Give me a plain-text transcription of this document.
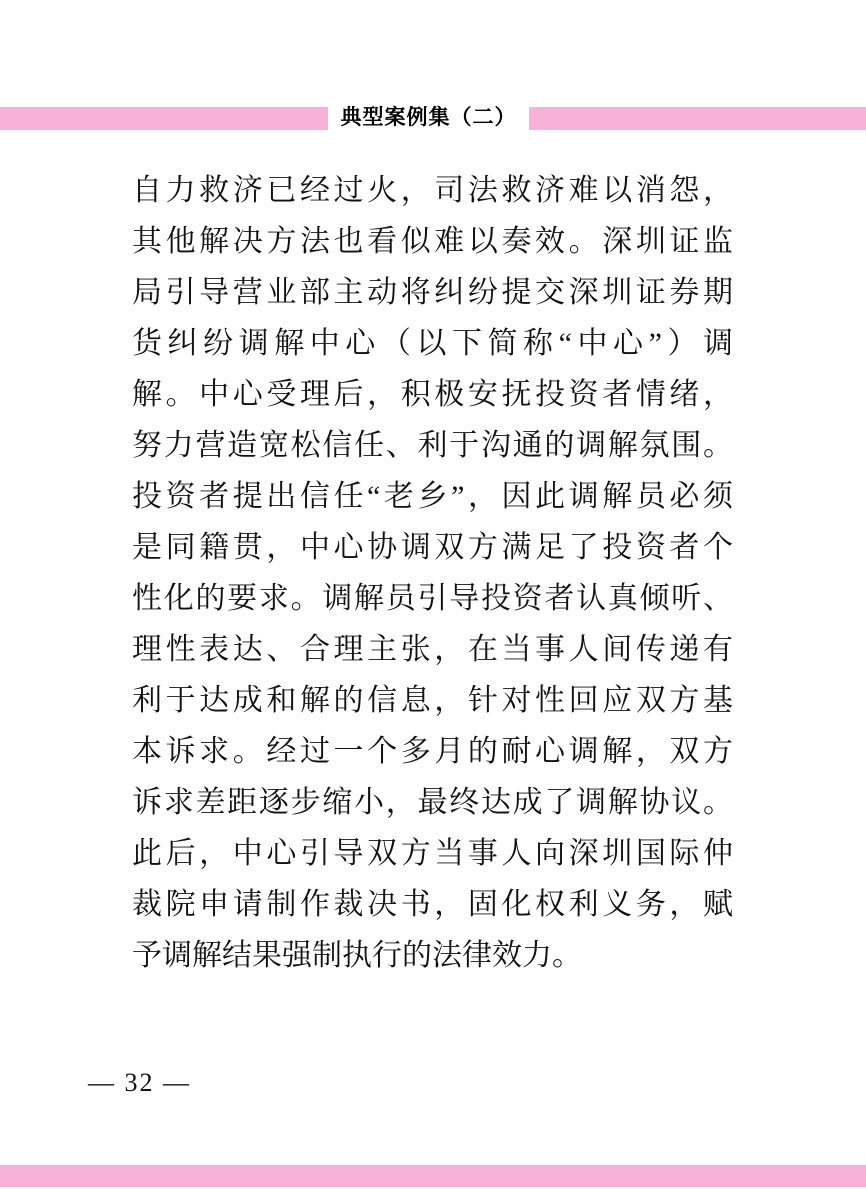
典型案例集（二）
自力救济已经过火，司法救济难以消怨，
其他解决方法也看似难以奏效。深圳证监
局引导营业部主动将纠纷提交深圳证券期
货纠纷调解中心（以下简称“中心”）调
解。中心受理后，积极安抚投资者情绪，
努力营造宽松信任、利于沟通的调解氛围。
投资者提出信任“老乡”，因此调解员必须
是同籍贯，中心协调双方满足了投资者个
性化的要求。调解员引导投资者认真倾听、
理性表达、合理主张，在当事人间传递有
利于达成和解的信息，针对性回应双方基
本诉求。经过一个多月的耐心调解，双方
诉求差距逐步缩小，最终达成了调解协议。
此后，中心引导双方当事人向深圳国际仲
裁院申请制作裁决书，固化权利义务，赋
予调解结果强制执行的法律效力。
— 32 —
